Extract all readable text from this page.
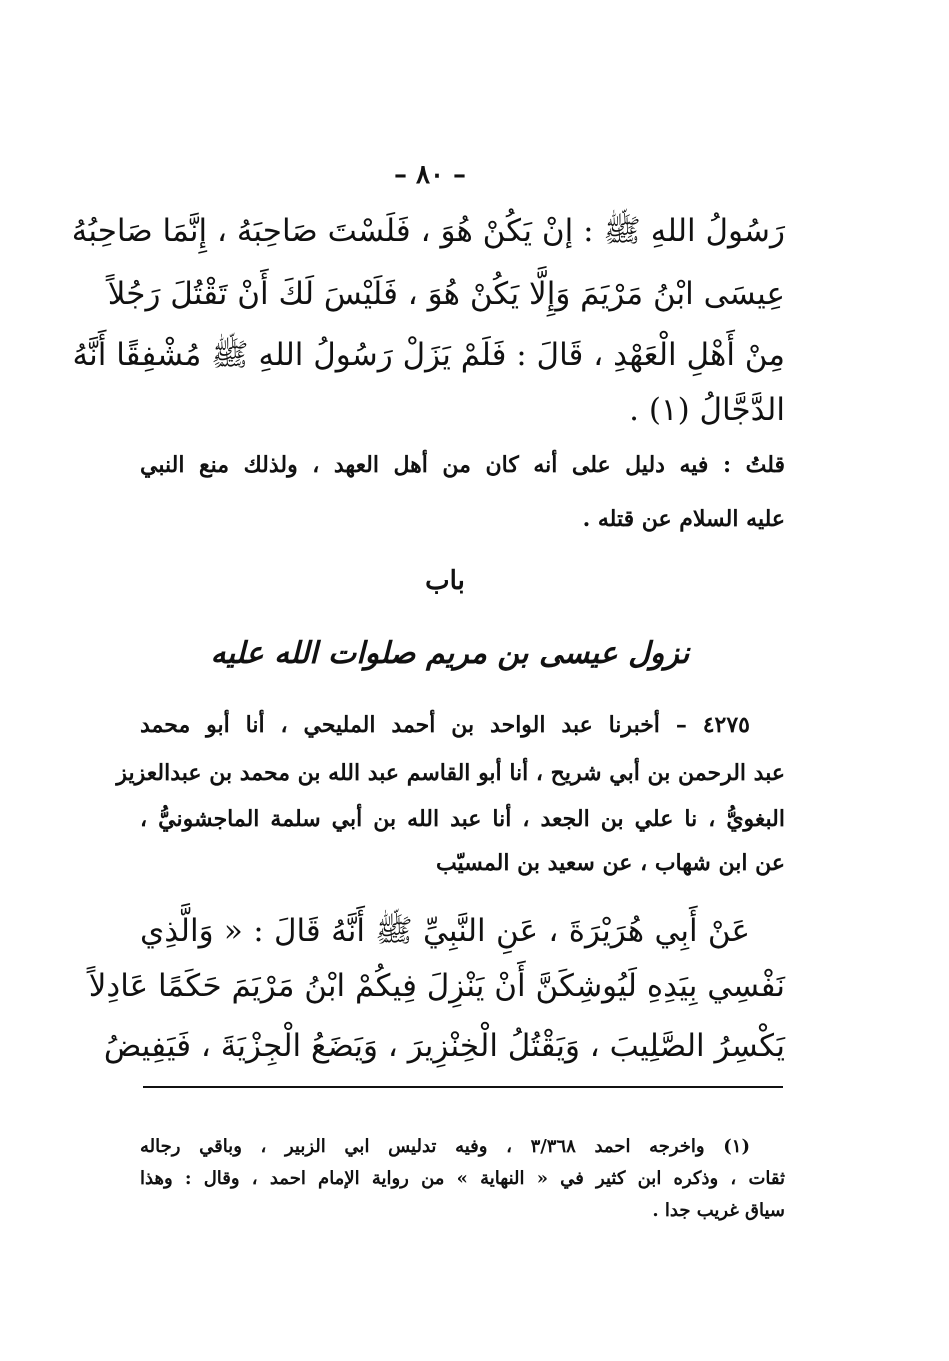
– ٨٠ –
رَسُولُ اللهِ ﷺ : إنْ يَكُنْ هُوَ ، فَلَسْتَ صَاحِبَهُ ، إِنَّمَا صَاحِبُهُ
عِيسَى ابْنُ مَرْيَمَ وَإِلَّا يَكُنْ هُوَ ، فَلَيْسَ لَكَ أَنْ تَقْتُلَ رَجُلاً
مِنْ أَهْلِ الْعَهْدِ ، قَالَ : فَلَمْ يَزَلْ رَسُولُ اللهِ ﷺ مُشْفِقًا أَنَّهُ
الدَّجَّالُ (١) .
قلتُ : فيه دليل على أنه كان من أهل العهد ، ولذلك منع النبي
عليه السلام عن قتله .
باب
نزول عيسى بن مريم صلوات الله عليه
٤٢٧٥ – أخبرنا عبد الواحد بن أحمد المليحي ، أنا أبو محمد
عبد الرحمن بن أبي شريح ، أنا أبو القاسم عبد الله بن محمد بن عبدالعزيز
البغويُّ ، نا علي بن الجعد ، أنا عبد الله بن أبي سلمة الماجشونيُّ ،
عن ابن شهاب ، عن سعيد بن المسيّب
عَنْ أَبِي هُرَيْرَةَ ، عَنِ النَّبِيِّ ﷺ أَنَّهُ قَالَ : « وَالَّذِي
نَفْسِي بِيَدِهِ لَيُوشِكَنَّ أَنْ يَنْزِلَ فِيكُمْ ابْنُ مَرْيَمَ حَكَمًا عَادِلاً
يَكْسِرُ الصَّلِيبَ ، وَيَقْتُلُ الْخِنْزِيرَ ، وَيَضَعُ الْجِزْيَةَ ، فَيَفِيضُ
(١) واخرجه احمد ٣/٣٦٨ ، وفيه تدليس ابي الزبير ، وباقي رجاله
ثقات ، وذكره ابن كثير في « النهاية » من رواية الإمام احمد ، وقال : وهذا
سياق غريب جدا .
